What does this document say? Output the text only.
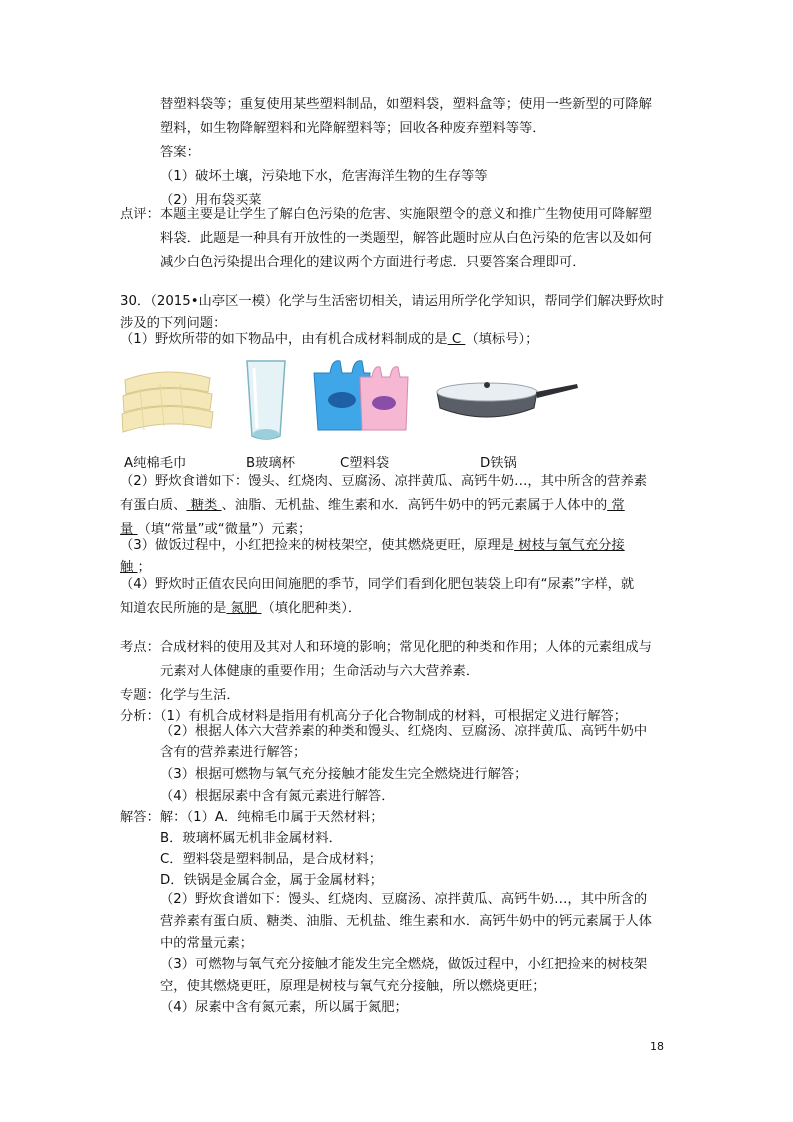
替塑料袋等；重复使用某些塑料制品，如塑料袋，塑料盒等；使用一些新型的可降解
塑料，如生物降解塑料和光降解塑料等；回收各种废弃塑料等等．
答案：
（1）破坏土壤，污染地下水，危害海洋生物的生存等等
（2）用布袋买菜
点评：本题主要是让学生了解白色污染的危害、实施限塑令的意义和推广生物使用可降解塑
料袋．此题是一种具有开放性的一类题型，解答此题时应从白色污染的危害以及如何
减少白色污染提出合理化的建议两个方面进行考虑．只要答案合理即可．
30．（2015•山亭区一模）化学与生活密切相关，请运用所学化学知识，帮同学们解决野炊时
涉及的下列问题：
（1）野炊所带的如下物品中，由有机合成材料制成的是 C （填标号）；
A纯棉毛巾	B玻璃杯	C塑料袋	D铁锅
（2）野炊食谱如下：馒头、红烧肉、豆腐汤、凉拌黄瓜、高钙牛奶…，其中所含的营养素
有蛋白质、 糖类 、油脂、无机盐、维生素和水．高钙牛奶中的钙元素属于人体中的 常
量 （填“常量”或“微量”）元素；
（3）做饭过程中，小红把捡来的树枝架空，使其燃烧更旺，原理是 树枝与氧气充分接
触 ；
（4）野炊时正值农民向田间施肥的季节，同学们看到化肥包装袋上印有“尿素”字样，就
知道农民所施的是 氮肥 （填化肥种类）．
考点：合成材料的使用及其对人和环境的影响；常见化肥的种类和作用；人体的元素组成与
元素对人体健康的重要作用；生命活动与六大营养素．
专题：化学与生活．
分析：（1）有机合成材料是指用有机高分子化合物制成的材料，可根据定义进行解答；
（2）根据人体六大营养素的种类和馒头、红烧肉、豆腐汤、凉拌黄瓜、高钙牛奶中
含有的营养素进行解答；
（3）根据可燃物与氧气充分接触才能发生完全燃烧进行解答；
（4）根据尿素中含有氮元素进行解答．
解答：解：（1）A．纯棉毛巾属于天然材料；
B．玻璃杯属无机非金属材料．
C．塑料袋是塑料制品，是合成材料；
D．铁锅是金属合金，属于金属材料；
（2）野炊食谱如下：馒头、红烧肉、豆腐汤、凉拌黄瓜、高钙牛奶…，其中所含的
营养素有蛋白质、糖类、油脂、无机盐、维生素和水．高钙牛奶中的钙元素属于人体
中的常量元素；
（3）可燃物与氧气充分接触才能发生完全燃烧，做饭过程中，小红把捡来的树枝架
空，使其燃烧更旺，原理是树枝与氧气充分接触，所以燃烧更旺；
（4）尿素中含有氮元素，所以属于氮肥；
18
